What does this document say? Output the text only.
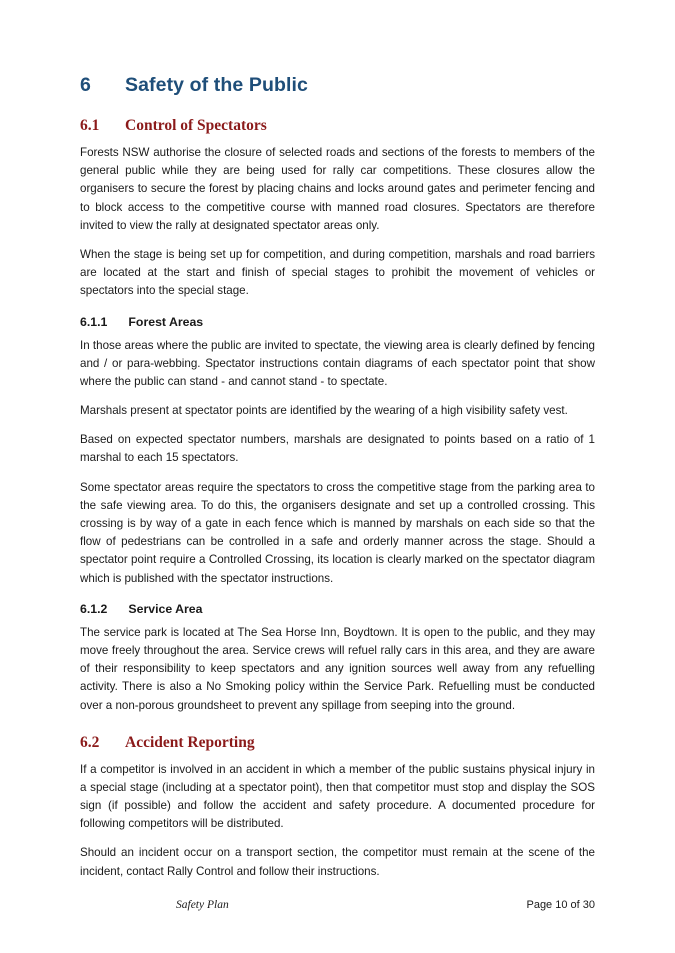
6	Safety of the Public
6.1	Control of Spectators

Forests NSW authorise the closure of selected roads and sections of the forests to members of the general public while they are being used for rally car competitions. These closures allow the organisers to secure the forest by placing chains and locks around gates and perimeter fencing and to block access to the competitive course with manned road closures. Spectators are therefore invited to view the rally at designated spectator areas only.

When the stage is being set up for competition, and during competition, marshals and road barriers are located at the start and finish of special stages to prohibit the movement of vehicles or spectators into the special stage.

6.1.1 Forest Areas

In those areas where the public are invited to spectate, the viewing area is clearly defined by fencing and / or para-webbing. Spectator instructions contain diagrams of each spectator point that show where the public can stand - and cannot stand - to spectate.

Marshals present at spectator points are identified by the wearing of a high visibility safety vest.

Based on expected spectator numbers, marshals are designated to points based on a ratio of 1 marshal to each 15 spectators.

Some spectator areas require the spectators to cross the competitive stage from the parking area to the safe viewing area. To do this, the organisers designate and set up a controlled crossing. This crossing is by way of a gate in each fence which is manned by marshals on each side so that the flow of pedestrians can be controlled in a safe and orderly manner across the stage. Should a spectator point require a Controlled Crossing, its location is clearly marked on the spectator diagram which is published with the spectator instructions.

6.1.2 Service Area

The service park is located at The Sea Horse Inn, Boydtown. It is open to the public, and they may move freely throughout the area. Service crews will refuel rally cars in this area, and they are aware of their responsibility to keep spectators and any ignition sources well away from any refuelling activity. There is also a No Smoking policy within the Service Park. Refuelling must be conducted over a non-porous groundsheet to prevent any spillage from seeping into the ground.

6.2	Accident Reporting

If a competitor is involved in an accident in which a member of the public sustains physical injury in a special stage (including at a spectator point), then that competitor must stop and display the SOS sign (if possible) and follow the accident and safety procedure. A documented procedure for following competitors will be distributed.

Should an incident occur on a transport section, the competitor must remain at the scene of the incident, contact Rally Control and follow their instructions.

Safety Plan	Page 10 of 30
